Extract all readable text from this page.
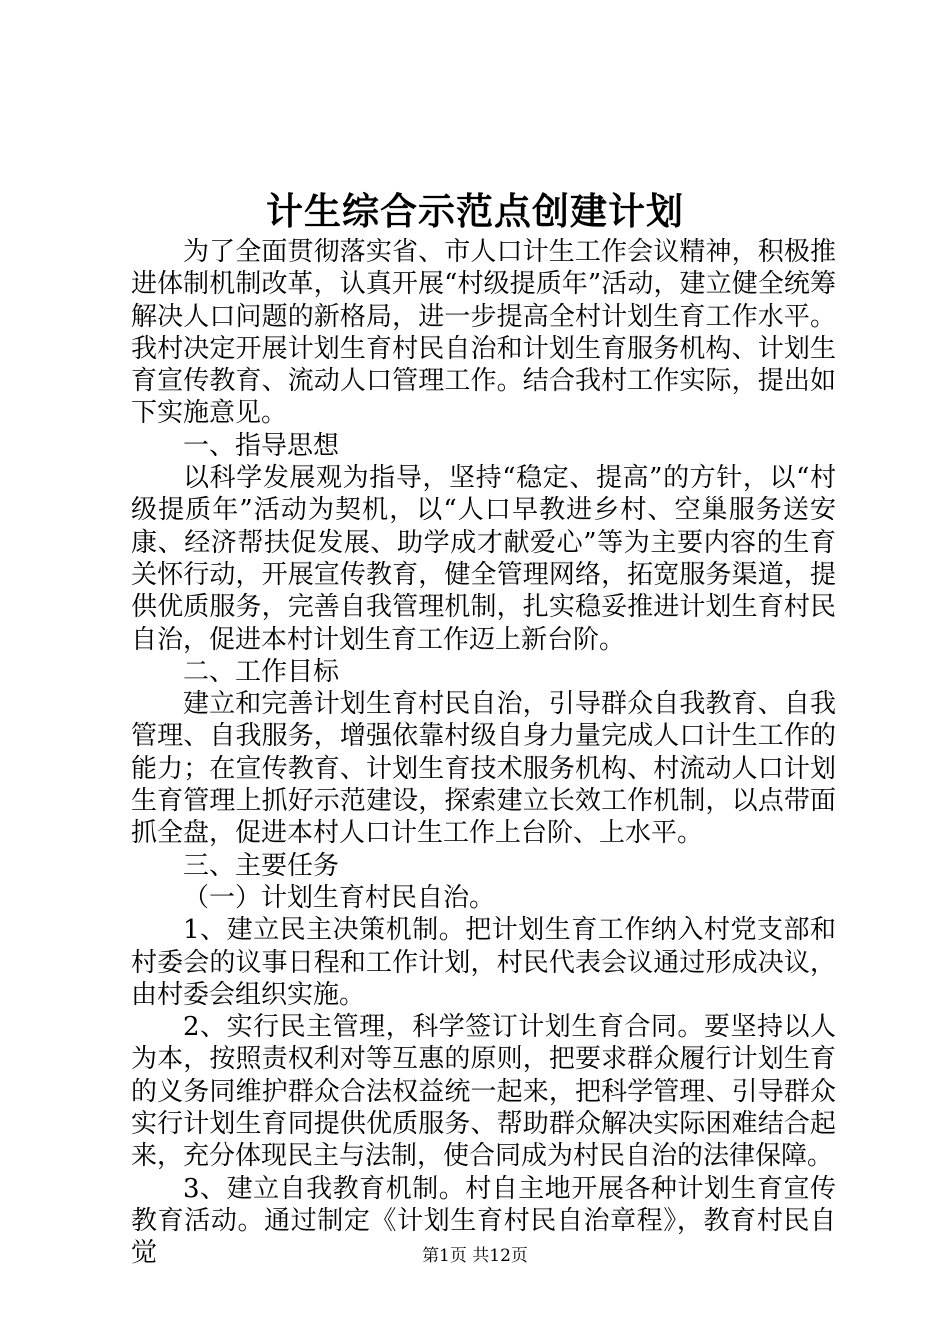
计生综合示范点创建计划

为了全面贯彻落实省、市人口计生工作会议精神，积极推进体制机制改革，认真开展“村级提质年”活动，建立健全统筹解决人口问题的新格局，进一步提高全村计划生育工作水平。我村决定开展计划生育村民自治和计划生育服务机构、计划生育宣传教育、流动人口管理工作。结合我村工作实际，提出如下实施意见。

一、指导思想

以科学发展观为指导，坚持“稳定、提高”的方针，以“村级提质年”活动为契机，以“人口早教进乡村、空巢服务送安康、经济帮扶促发展、助学成才献爱心”等为主要内容的生育关怀行动，开展宣传教育，健全管理网络，拓宽服务渠道，提供优质服务，完善自我管理机制，扎实稳妥推进计划生育村民自治，促进本村计划生育工作迈上新台阶。

二、工作目标

建立和完善计划生育村民自治，引导群众自我教育、自我管理、自我服务，增强依靠村级自身力量完成人口计生工作的能力；在宣传教育、计划生育技术服务机构、村流动人口计划生育管理上抓好示范建设，探索建立长效工作机制，以点带面抓全盘，促进本村人口计生工作上台阶、上水平。

三、主要任务

（一）计划生育村民自治。

1、建立民主决策机制。把计划生育工作纳入村党支部和村委会的议事日程和工作计划，村民代表会议通过形成决议，由村委会组织实施。

2、实行民主管理，科学签订计划生育合同。要坚持以人为本，按照责权利对等互惠的原则，把要求群众履行计划生育的义务同维护群众合法权益统一起来，把科学管理、引导群众实行计划生育同提供优质服务、帮助群众解决实际困难结合起来，充分体现民主与法制，使合同成为村民自治的法律保障。

3、建立自我教育机制。村自主地开展各种计划生育宣传教育活动。通过制定《计划生育村民自治章程》，教育村民自觉	第1页 共12页
